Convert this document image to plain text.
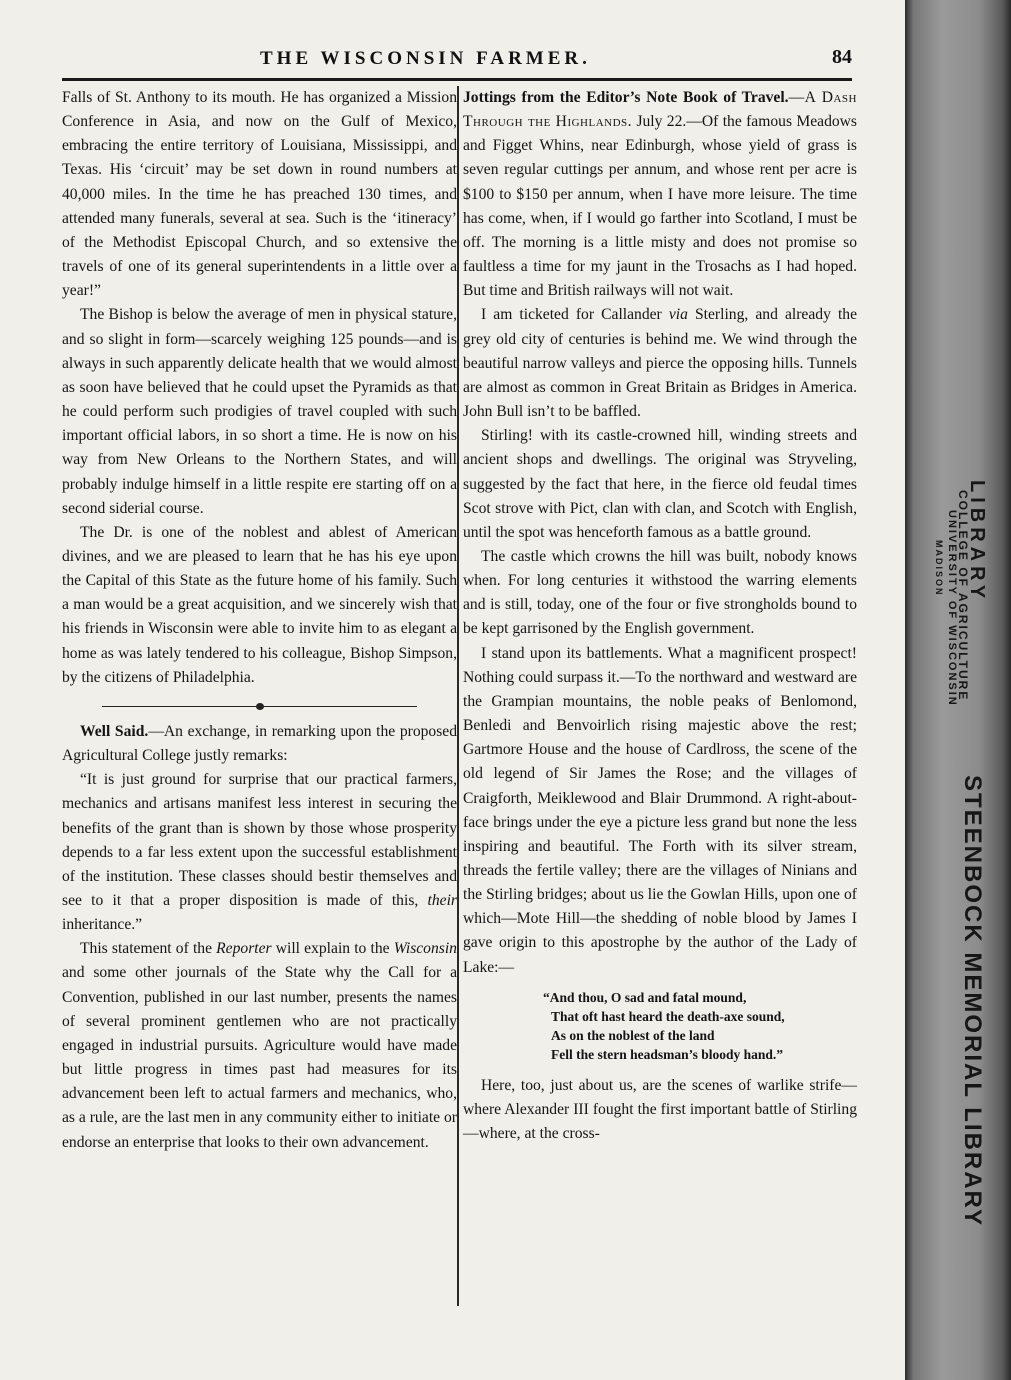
THE WISCONSIN FARMER.	84

Falls of St. Anthony to its mouth. He has organized a Mission Conference in Asia, and now on the Gulf of Mexico, embracing the entire territory of Louisiana, Mississippi, and Texas. His ‘circuit’ may be set down in round numbers at 40,000 miles. In the time he has preached 130 times, and attended many funerals, several at sea. Such is the ‘itineracy’ of the Methodist Episcopal Church, and so extensive the travels of one of its general superintendents in a little over a year!”

The Bishop is below the average of men in physical stature, and so slight in form—scarcely weighing 125 pounds—and is always in such apparently delicate health that we would almost as soon have believed that he could upset the Pyramids as that he could perform such prodigies of travel coupled with such important official labors, in so short a time. He is now on his way from New Orleans to the Northern States, and will probably indulge himself in a little respite ere starting off on a second siderial course.

The Dr. is one of the noblest and ablest of American divines, and we are pleased to learn that he has his eye upon the Capital of this State as the future home of his family. Such a man would be a great acquisition, and we sincerely wish that his friends in Wisconsin were able to invite him to as elegant a home as was lately tendered to his colleague, Bishop Simpson, by the citizens of Philadelphia.

Well Said.—An exchange, in remarking upon the proposed Agricultural College justly remarks:

“It is just ground for surprise that our practical farmers, mechanics and artisans manifest less interest in securing the benefits of the grant than is shown by those whose prosperity depends to a far less extent upon the successful establishment of the institution. These classes should bestir themselves and see to it that a proper disposition is made of this, their inheritance.”

This statement of the Reporter will explain to the Wisconsin and some other journals of the State why the Call for a Convention, published in our last number, presents the names of several prominent gentlemen who are not practically engaged in industrial pursuits. Agriculture would have made but little progress in times past had measures for its advancement been left to actual farmers and mechanics, who, as a rule, are the last men in any community either to initiate or endorse an enterprise that looks to their own advancement.

Jottings from the Editor’s Note Book of Travel.—A Dash Through the Highlands. July 22.—Of the famous Meadows and Figget Whins, near Edinburgh, whose yield of grass is seven regular cuttings per annum, and whose rent per acre is $100 to $150 per annum, when I have more leisure. The time has come, when, if I would go farther into Scotland, I must be off. The morning is a little misty and does not promise so faultless a time for my jaunt in the Trosachs as I had hoped. But time and British railways will not wait.

I am ticketed for Callander via Sterling, and already the grey old city of centuries is behind me. We wind through the beautiful narrow valleys and pierce the opposing hills. Tunnels are almost as common in Great Britain as Bridges in America. John Bull isn’t to be baffled.

Stirling! with its castle-crowned hill, winding streets and ancient shops and dwellings. The original was Stryveling, suggested by the fact that here, in the fierce old feudal times Scot strove with Pict, clan with clan, and Scotch with English, until the spot was henceforth famous as a battle ground.

The castle which crowns the hill was built, nobody knows when. For long centuries it withstood the warring elements and is still, today, one of the four or five strongholds bound to be kept garrisoned by the English government.

I stand upon its battlements. What a magnificent prospect! Nothing could surpass it.—To the northward and westward are the Grampian mountains, the noble peaks of Benlomond, Benledi and Benvoirlich rising majestic above the rest; Gartmore House and the house of Cardlross, the scene of the old legend of Sir James the Rose; and the villages of Craigforth, Meiklewood and Blair Drummond. A right-about-face brings under the eye a picture less grand but none the less inspiring and beautiful. The Forth with its silver stream, threads the fertile valley; there are the villages of Ninians and the Stirling bridges; about us lie the Gowlan Hills, upon one of which—Mote Hill—the shedding of noble blood by James I gave origin to this apostrophe by the author of the Lady of Lake:—

“And thou, O sad and fatal mound,
That oft hast heard the death-axe sound,
As on the noblest of the land
Fell the stern headsman’s bloody hand.”

Here, too, just about us, are the scenes of warlike strife—where Alexander III fought the first important battle of Stirling—where, at the cross-

LIBRARY
COLLEGE OF AGRICULTURE
UNIVERSITY OF WISCONSIN
MADISON
STEENBOCK MEMORIAL LIBRARY
